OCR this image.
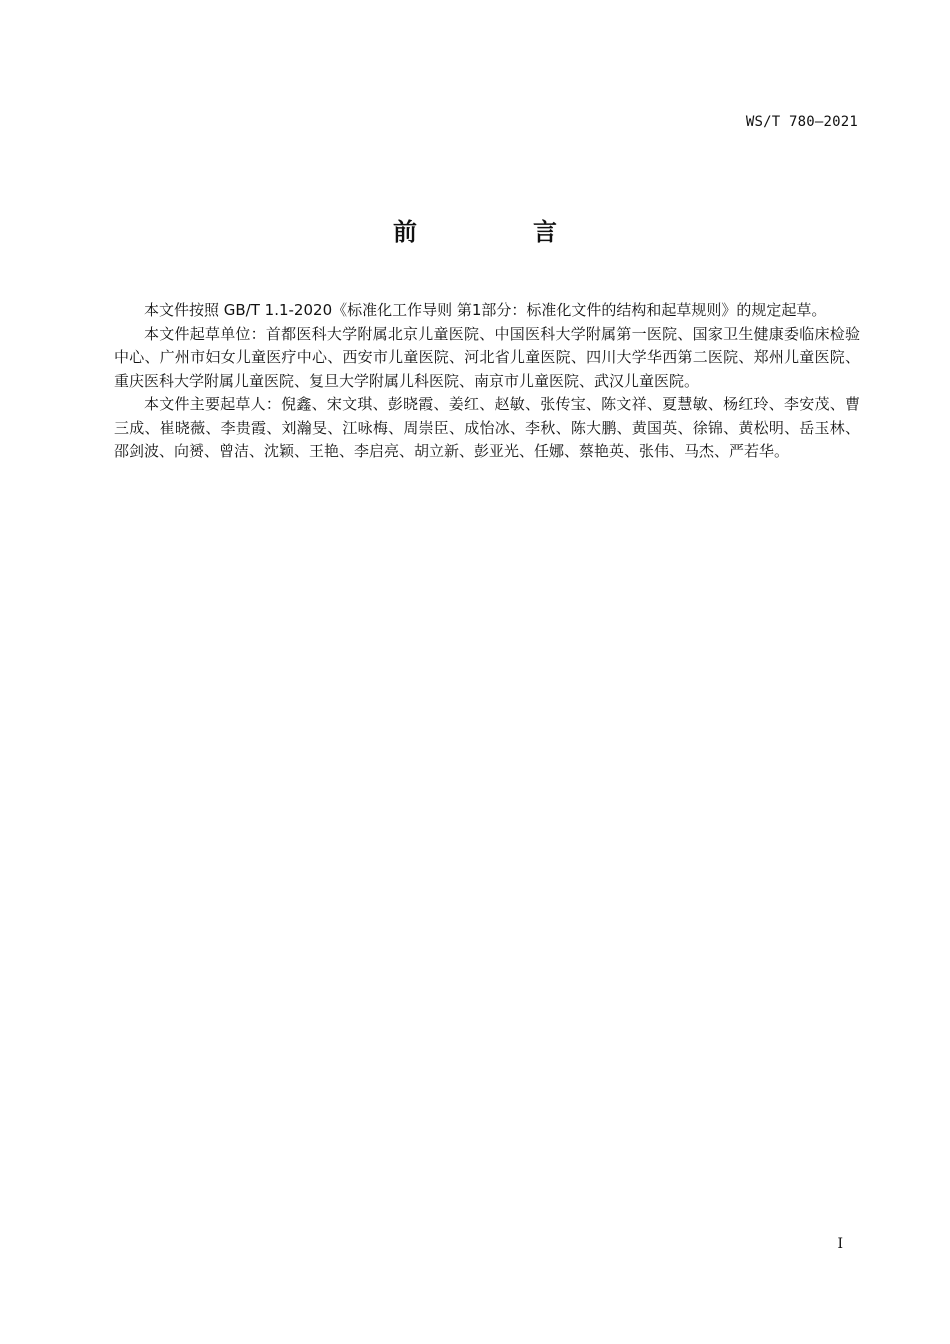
WS/T 780—2021
前　言

本文件按照 GB/T 1.1-2020《标准化工作导则 第1部分：标准化文件的结构和起草规则》的规定起草。

本文件起草单位：首都医科大学附属北京儿童医院、中国医科大学附属第一医院、国家卫生健康委临床检验中心、广州市妇女儿童医疗中心、西安市儿童医院、河北省儿童医院、四川大学华西第二医院、郑州儿童医院、重庆医科大学附属儿童医院、复旦大学附属儿科医院、南京市儿童医院、武汉儿童医院。

本文件主要起草人：倪鑫、宋文琪、彭晓霞、姜红、赵敏、张传宝、陈文祥、夏慧敏、杨红玲、李安茂、曹三成、崔晓薇、李贵霞、刘瀚旻、江咏梅、周崇臣、成怡冰、李秋、陈大鹏、黄国英、徐锦、黄松明、岳玉林、邵剑波、向赟、曾洁、沈颖、王艳、李启亮、胡立新、彭亚光、任娜、蔡艳英、张伟、马杰、严若华。

I
